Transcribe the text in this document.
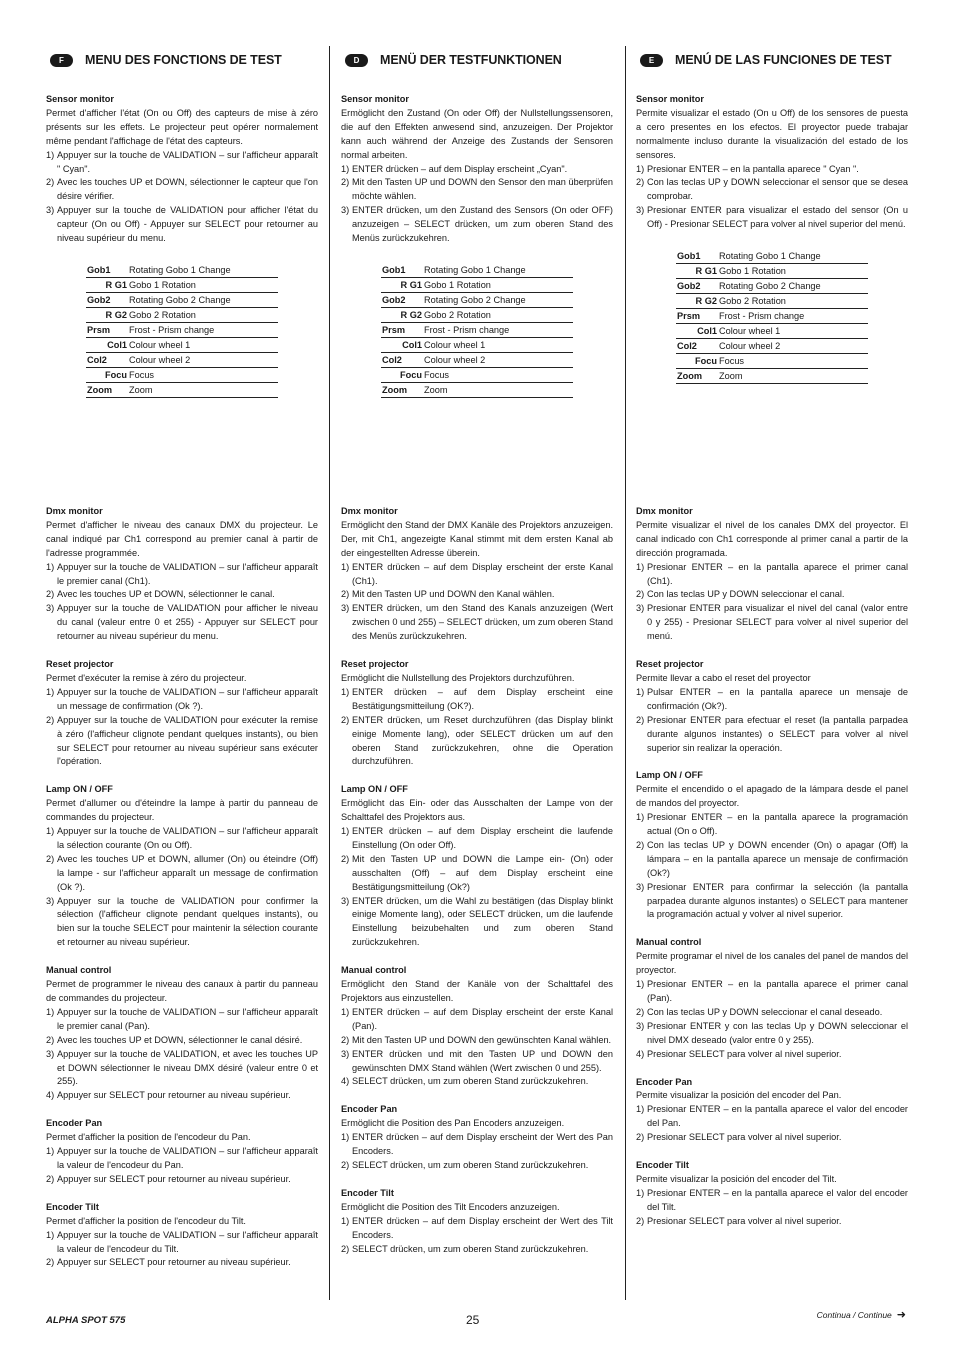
F	MENU DES FONCTIONS DE TEST
Sensor monitor
Permet d'afficher l'état (On ou Off) des capteurs de mise à zéro présents sur les effets. Le projecteur peut opérer normalement même pendant l'affichage de l'état des capteurs.
1) Appuyer sur la touche de VALIDATION – sur l'afficheur apparaît " Cyan".
2) Avec les touches UP et DOWN, sélectionner le capteur que l'on désire vérifier.
3) Appuyer sur la touche de VALIDATION pour afficher l'état du capteur (On ou Off) - Appuyer sur SELECT pour retourner au niveau supérieur du menu.
Gob1	Rotating Gobo 1 Change
R G1	Gobo 1 Rotation
Gob2	Rotating Gobo 2 Change
R G2	Gobo 2 Rotation
Prsm	Frost - Prism change
Col1	Colour wheel 1
Col2	Colour wheel 2
Focu	Focus
Zoom	Zoom
Dmx monitor
Permet d'afficher le niveau des canaux DMX du projecteur. Le canal indiqué par Ch1 correspond au premier canal à partir de l'adresse programmée.
1) Appuyer sur la touche de VALIDATION – sur l'afficheur apparaît le premier canal (Ch1).
2) Avec les touches UP et DOWN, sélectionner le canal.
3) Appuyer sur la touche de VALIDATION pour afficher le niveau du canal (valeur entre 0 et 255) - Appuyer sur SELECT pour retourner au niveau supérieur du menu.
Reset projector
Permet d'exécuter la remise à zéro du projecteur.
1) Appuyer sur la touche de VALIDATION – sur l'afficheur apparaît un message de confirmation (Ok ?).
2) Appuyer sur la touche de VALIDATION pour exécuter la remise à zéro (l'afficheur clignote pendant quelques instants), ou bien sur SELECT pour retourner au niveau supérieur sans exécuter l'opération.
Lamp ON / OFF
Permet d'allumer ou d'éteindre la lampe à partir du panneau de commandes du projecteur.
1) Appuyer sur la touche de VALIDATION – sur l'afficheur apparaît la sélection courante (On ou Off).
2) Avec les touches UP et DOWN, allumer (On) ou éteindre (Off) la lampe - sur l'afficheur apparaît un message de confirmation (Ok ?).
3) Appuyer sur la touche de VALIDATION pour confirmer la sélection (l'afficheur clignote pendant quelques instants), ou bien sur la touche SELECT pour maintenir la sélection courante et retourner au niveau supérieur.
Manual control
Permet de programmer le niveau des canaux à partir du panneau de commandes du projecteur.
1) Appuyer sur la touche de VALIDATION – sur l'afficheur apparaît le premier canal (Pan).
2) Avec les touches UP et DOWN, sélectionner le canal désiré.
3) Appuyer sur la touche de VALIDATION, et avec les touches UP et DOWN sélectionner le niveau DMX désiré (valeur entre 0 et 255).
4) Appuyer sur SELECT pour retourner au niveau supérieur.
Encoder Pan
Permet d'afficher la position de l'encodeur du Pan.
1) Appuyer sur la touche de VALIDATION – sur l'afficheur apparaît la valeur de l'encodeur du Pan.
2) Appuyer sur SELECT pour retourner au niveau supérieur.
Encoder Tilt
Permet d'afficher la position de l'encodeur du Tilt.
1) Appuyer sur la touche de VALIDATION – sur l'afficheur apparaît la valeur de l'encodeur du Tilt.
2) Appuyer sur SELECT pour retourner au niveau supérieur.
D	MENÜ DER TESTFUNKTIONEN
Sensor monitor
Ermöglicht den Zustand (On oder Off) der Nullstellungssensoren, die auf den Effekten anwesend sind, anzuzeigen. Der Projektor kann auch während der Anzeige des Zustands der Sensoren normal arbeiten.
1) ENTER drücken – auf dem Display erscheint „Cyan".
2) Mit den Tasten UP und DOWN den Sensor den man überprüfen möchte wählen.
3) ENTER drücken, um den Zustand des Sensors (On oder OFF) anzuzeigen – SELECT drücken, um zum oberen Stand des Menüs zurückzukehren.
Gob1	Rotating Gobo 1 Change
R G1	Gobo 1 Rotation
Gob2	Rotating Gobo 2 Change
R G2	Gobo 2 Rotation
Prsm	Frost - Prism change
Col1	Colour wheel 1
Col2	Colour wheel 2
Focu	Focus
Zoom	Zoom
Dmx monitor
Ermöglicht den Stand der DMX Kanäle des Projektors anzuzeigen. Der, mit Ch1, angezeigte Kanal stimmt mit dem ersten Kanal ab der eingestellten Adresse überein.
1) ENTER drücken – auf dem Display erscheint der erste Kanal (Ch1).
2) Mit den Tasten UP und DOWN den Kanal wählen.
3) ENTER drücken, um den Stand des Kanals anzuzeigen (Wert zwischen 0 und 255) – SELECT drücken, um zum oberen Stand des Menüs zurückzukehren.
Reset projector
Ermöglicht die Nullstellung des Projektors durchzuführen.
1) ENTER drücken – auf dem Display erscheint eine Bestätigungsmitteilung (OK?).
2) ENTER drücken, um Reset durchzuführen (das Display blinkt einige Momente lang), oder SELECT drücken um auf den oberen Stand zurückzukehren, ohne die Operation durchzuführen.
Lamp ON / OFF
Ermöglicht das Ein- oder das Ausschalten der Lampe von der Schalttafel des Projektors aus.
1) ENTER drücken – auf dem Display erscheint die laufende Einstellung (On oder Off).
2) Mit den Tasten UP und DOWN die Lampe ein- (On) oder ausschalten (Off) – auf dem Display erscheint eine Bestätigungsmitteilung (Ok?)
3) ENTER drücken, um die Wahl zu bestätigen (das Display blinkt einige Momente lang), oder SELECT drücken, um die laufende Einstellung beizubehalten und zum oberen Stand zurückzukehren.
Manual control
Ermöglicht den Stand der Kanäle von der Schalttafel des Projektors aus einzustellen.
1) ENTER drücken – auf dem Display erscheint der erste Kanal (Pan).
2) Mit den Tasten UP und DOWN den gewünschten Kanal wählen.
3) ENTER drücken und mit den Tasten UP und DOWN den gewünschten DMX Stand wählen (Wert zwischen 0 und 255).
4) SELECT drücken, um zum oberen Stand zurückzukehren.
Encoder Pan
Ermöglicht die Position des Pan Encoders anzuzeigen.
1) ENTER drücken – auf dem Display erscheint der Wert des Pan Encoders.
2) SELECT drücken, um zum oberen Stand zurückzukehren.
Encoder Tilt
Ermöglicht die Position des Tilt Encoders anzuzeigen.
1) ENTER drücken – auf dem Display erscheint der Wert des Tilt Encoders.
2) SELECT drücken, um zum oberen Stand zurückzukehren.
E	MENÚ DE LAS FUNCIONES DE TEST
Sensor monitor
Permite visualizar el estado (On u Off) de los sensores de puesta a cero presentes en los efectos. El proyector puede trabajar normalmente incluso durante la visualización del estado de los sensores.
1) Presionar ENTER – en la pantalla aparece " Cyan ".
2) Con las teclas UP y DOWN seleccionar el sensor que se desea comprobar.
3) Presionar ENTER para visualizar el estado del sensor (On u Off) - Presionar SELECT para volver al nivel superior del menú.
Gob1	Rotating Gobo 1 Change
R G1	Gobo 1 Rotation
Gob2	Rotating Gobo 2 Change
R G2	Gobo 2 Rotation
Prsm	Frost - Prism change
Col1	Colour wheel 1
Col2	Colour wheel 2
Focu	Focus
Zoom	Zoom
Dmx monitor
Permite visualizar el nivel de los canales DMX del proyector. El canal indicado con Ch1 corresponde al primer canal a partir de la dirección programada.
1) Presionar ENTER – en la pantalla aparece el primer canal (Ch1).
2) Con las teclas UP y DOWN seleccionar el canal.
3) Presionar ENTER para visualizar el nivel del canal (valor entre 0 y 255) - Presionar SELECT para volver al nivel superior del menú.
Reset projector
Permite llevar a cabo el reset del proyector
1) Pulsar ENTER – en la pantalla aparece un mensaje de confirmación (Ok?).
2) Presionar ENTER para efectuar el reset (la pantalla parpadea durante algunos instantes) o SELECT para volver al nivel superior sin realizar la operación.
Lamp ON / OFF
Permite el encendido o el apagado de la lámpara desde el panel de mandos del proyector.
1) Presionar ENTER – en la pantalla aparece la programación actual (On o Off).
2) Con las teclas UP y DOWN encender (On) o apagar (Off) la lámpara – en la pantalla aparece un mensaje de confirmación (Ok?)
3) Presionar ENTER para confirmar la selección (la pantalla parpadea durante algunos instantes) o SELECT para mantener la programación actual y volver al nivel superior.
Manual control
Permite programar el nivel de los canales del panel de mandos del proyector.
1) Presionar ENTER – en la pantalla aparece el primer canal (Pan).
2) Con las teclas UP y DOWN seleccionar el canal deseado.
3) Presionar ENTER y con las teclas Up y DOWN seleccionar el nivel DMX deseado (valor entre 0 y 255).
4) Presionar SELECT para volver al nivel superior.
Encoder Pan
Permite visualizar la posición del encoder del Pan.
1) Presionar ENTER – en la pantalla aparece el valor del encoder del Pan.
2) Presionar SELECT para volver al nivel superior.
Encoder Tilt
Permite visualizar la posición del encoder del Tilt.
1) Presionar ENTER – en la pantalla aparece el valor del encoder del Tilt.
2) Presionar SELECT para volver al nivel superior.
ALPHA SPOT 575	25	Continua / Continue ➜
